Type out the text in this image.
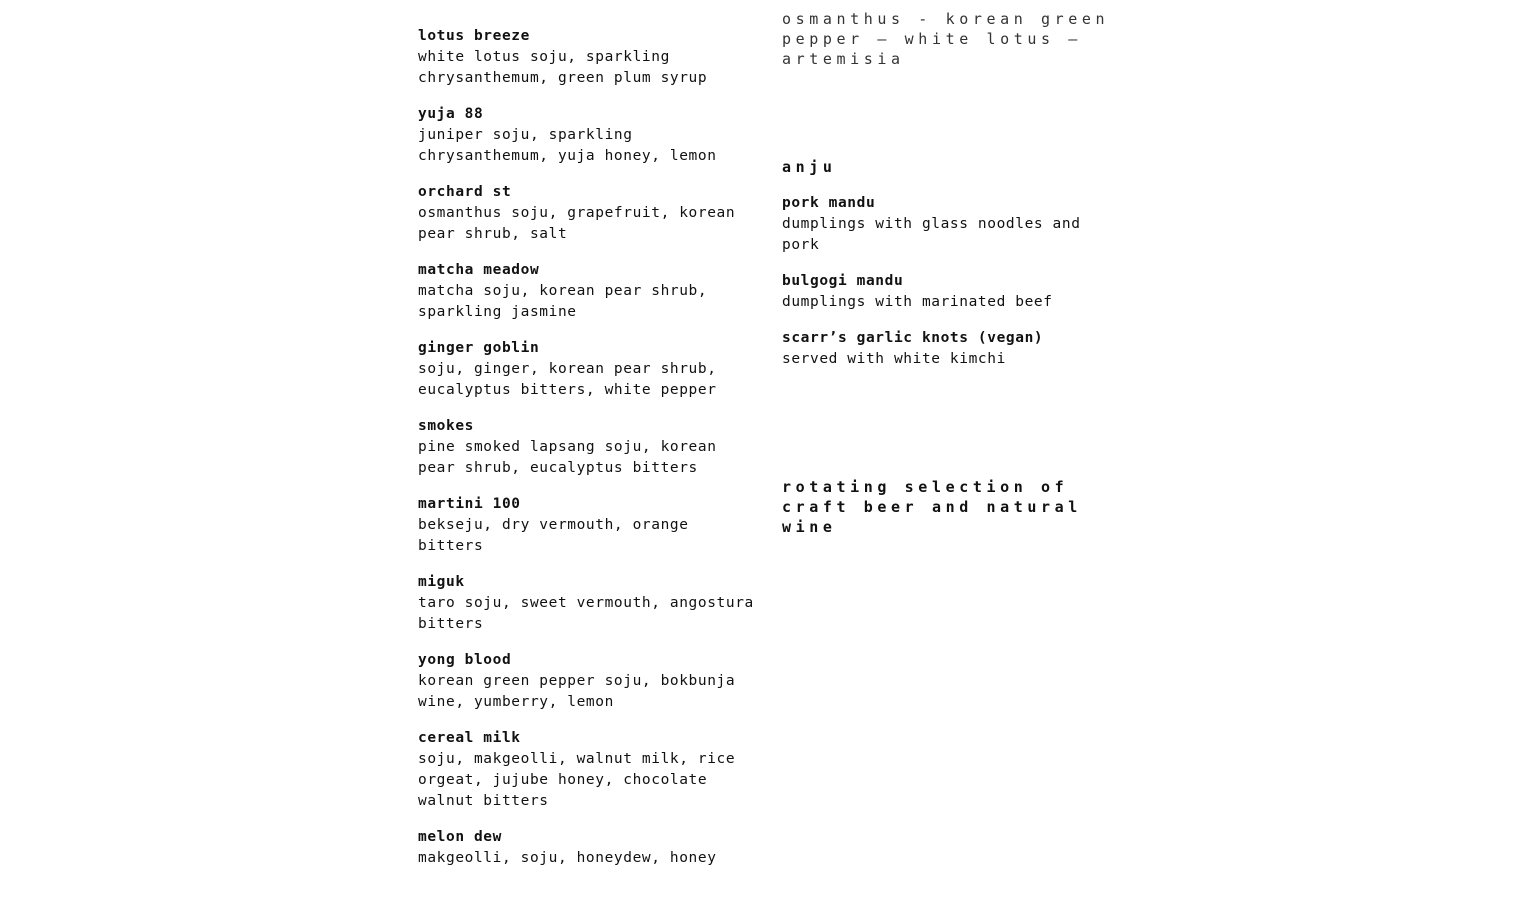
lotus breeze
white lotus soju, sparkling chrysanthemum, green plum syrup
yuja 88
juniper soju, sparkling chrysanthemum, yuja honey, lemon
orchard st
osmanthus soju, grapefruit, korean pear shrub, salt
matcha meadow
matcha soju, korean pear shrub, sparkling jasmine
ginger goblin
soju, ginger, korean pear shrub, eucalyptus bitters, white pepper
smokes
pine smoked lapsang soju, korean pear shrub, eucalyptus bitters
martini 100
bekseju, dry vermouth, orange bitters
miguk
taro soju, sweet vermouth, angostura bitters
yong blood
korean green pepper soju, bokbunja wine, yumberry, lemon
cereal milk
soju, makgeolli, walnut milk, rice orgeat, jujube honey, chocolate walnut bitters
melon dew
makgeolli, soju, honeydew, honey
osmanthus - korean green pepper – white lotus – artemisia
anju
pork mandu
dumplings with glass noodles and pork
bulgogi mandu
dumplings with marinated beef
scarr’s garlic knots (vegan)
served with white kimchi
rotating selection of craft beer and natural wine
